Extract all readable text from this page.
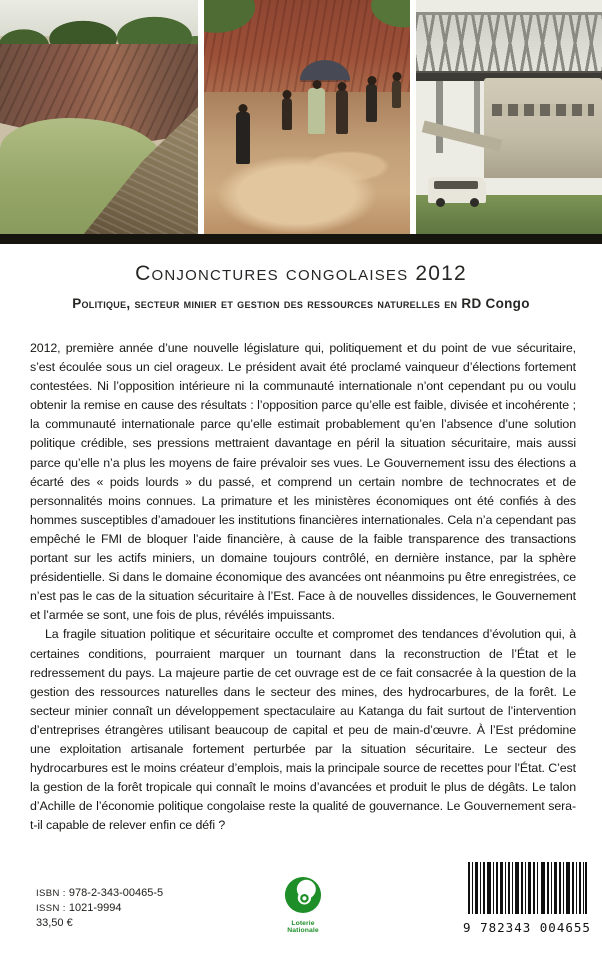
Conjonctures congolaises 2012
Politique, secteur minier et gestion des ressources naturelles en RD Congo

2012, première année d’une nouvelle législature qui, politiquement et du point de vue sécuritaire, s’est écoulée sous un ciel orageux. Le président avait été proclamé vainqueur d’élections fortement contestées. Ni l’opposition intérieure ni la communauté internationale n’ont cependant pu ou voulu obtenir la remise en cause des résultats : l’opposition parce qu’elle est faible, divisée et incohérente ; la communauté internationale parce qu’elle estimait probablement qu’en l’absence d’une solution politique crédible, ses pressions mettraient davantage en péril la situation sécuritaire, mais aussi parce qu’elle n’a plus les moyens de faire prévaloir ses vues. Le Gouvernement issu des élections a écarté des « poids lourds » du passé, et comprend un certain nombre de technocrates et de personnalités moins connues. La primature et les ministères économiques ont été confiés à des hommes susceptibles d’amadouer les institutions financières internationales. Cela n’a cependant pas empêché le FMI de bloquer l’aide financière, à cause de la faible transparence des transactions portant sur les actifs miniers, un domaine toujours contrôlé, en dernière instance, par la sphère présidentielle. Si dans le domaine économique des avancées ont néanmoins pu être enregistrées, ce n’est pas le cas de la situation sécuritaire à l’Est. Face à de nouvelles dissidences, le Gouvernement et l’armée se sont, une fois de plus, révélés impuissants.

La fragile situation politique et sécuritaire occulte et compromet des tendances d’évolution qui, à certaines conditions, pourraient marquer un tournant dans la reconstruction de l’État et le redressement du pays. La majeure partie de cet ouvrage est de ce fait consacrée à la question de la gestion des ressources naturelles dans le secteur des mines, des hydrocarbures, de la forêt. Le secteur minier connaît un développement spectaculaire au Katanga du fait surtout de l’intervention d’entreprises étrangères utilisant beaucoup de capital et peu de main-d’œuvre. À l’Est prédomine une exploitation artisanale fortement perturbée par la situation sécuritaire. Le secteur des hydrocarbures est le moins créateur d’emplois, mais la principale source de recettes pour l’État. C’est la gestion de la forêt tropicale qui connaît le moins d’avancées et produit le plus de dégâts. Le talon d’Achille de l’économie politique congolaise reste la qualité de gouvernance. Le Gouvernement sera-t-il capable de relever enfin ce défi ?

ISBN : 978-2-343-00465-5
ISSN : 1021-9994
33,50 €	Loterie Nationale	9 782343 004655
